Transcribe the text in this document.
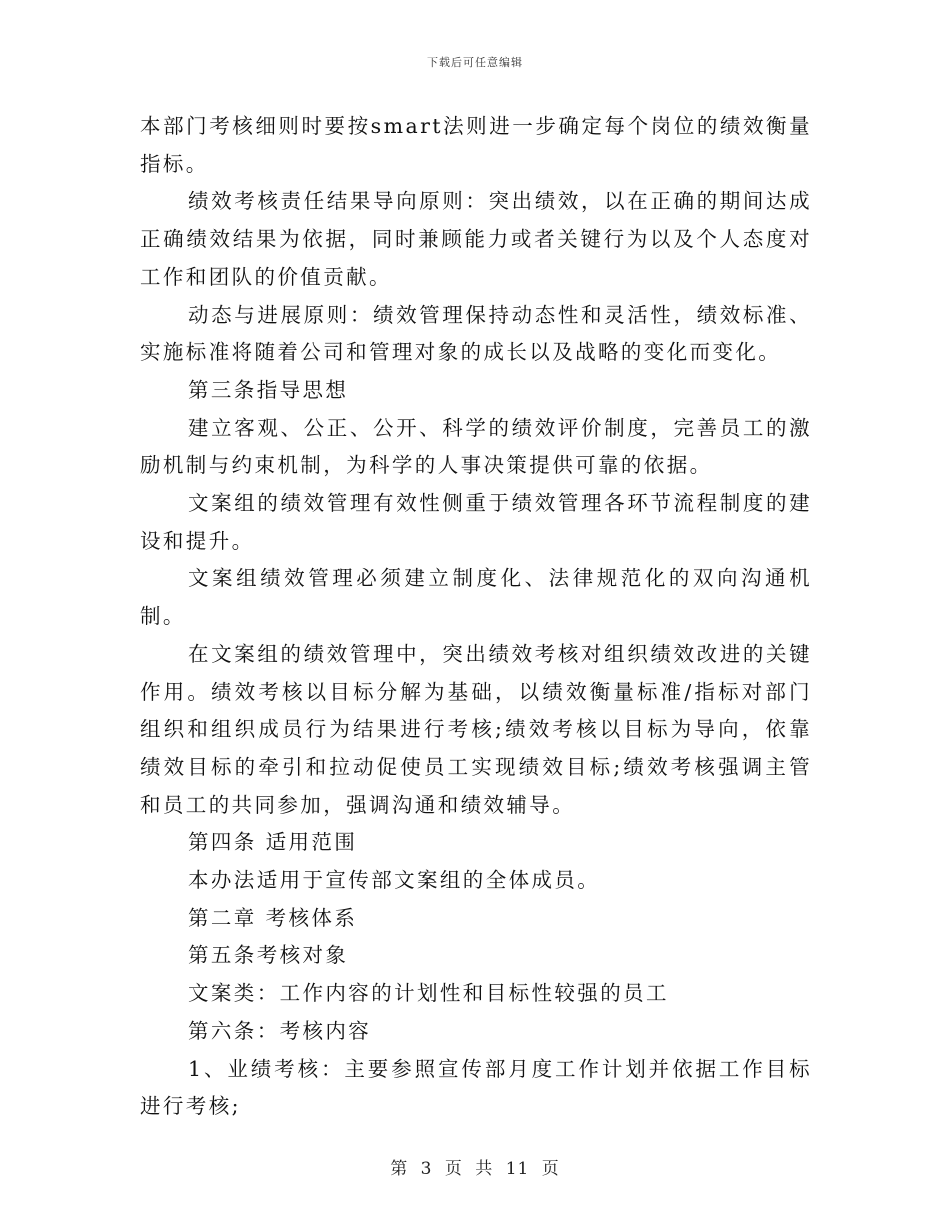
下载后可任意编辑

本部门考核细则时要按smart法则进一步确定每个岗位的绩效衡量指标。

绩效考核责任结果导向原则：突出绩效，以在正确的期间达成正确绩效结果为依据，同时兼顾能力或者关键行为以及个人态度对工作和团队的价值贡献。

动态与进展原则：绩效管理保持动态性和灵活性，绩效标准、实施标准将随着公司和管理对象的成长以及战略的变化而变化。

第三条指导思想

建立客观、公正、公开、科学的绩效评价制度，完善员工的激励机制与约束机制，为科学的人事决策提供可靠的依据。

文案组的绩效管理有效性侧重于绩效管理各环节流程制度的建设和提升。

文案组绩效管理必须建立制度化、法律规范化的双向沟通机制。

在文案组的绩效管理中，突出绩效考核对组织绩效改进的关键作用。绩效考核以目标分解为基础，以绩效衡量标准/指标对部门组织和组织成员行为结果进行考核;绩效考核以目标为导向，依靠绩效目标的牵引和拉动促使员工实现绩效目标;绩效考核强调主管和员工的共同参加，强调沟通和绩效辅导。

第四条 适用范围

本办法适用于宣传部文案组的全体成员。

第二章 考核体系

第五条考核对象

文案类：工作内容的计划性和目标性较强的员工

第六条：考核内容

1、业绩考核：主要参照宣传部月度工作计划并依据工作目标进行考核;

第 3 页 共 11 页
